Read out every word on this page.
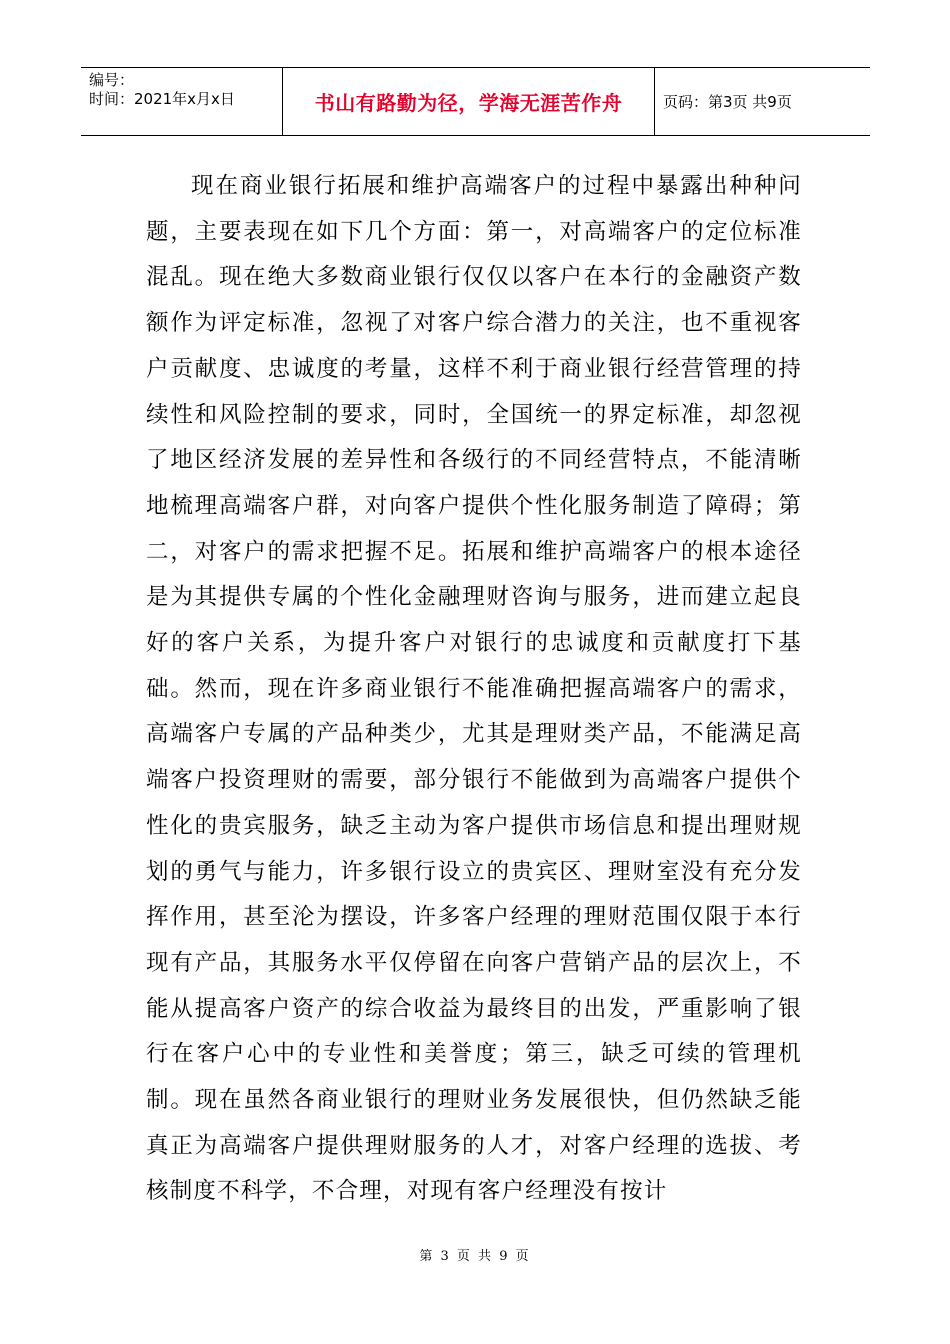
编号：
时间：2021年x月x日	书山有路勤为径，学海无涯苦作舟	页码：第3页 共9页

现在商业银行拓展和维护高端客户的过程中暴露出种种问题，主要表现在如下几个方面：第一，对高端客户的定位标准混乱。现在绝大多数商业银行仅仅以客户在本行的金融资产数额作为评定标准，忽视了对客户综合潜力的关注，也不重视客户贡献度、忠诚度的考量，这样不利于商业银行经营管理的持续性和风险控制的要求，同时，全国统一的界定标准，却忽视了地区经济发展的差异性和各级行的不同经营特点，不能清晰地梳理高端客户群，对向客户提供个性化服务制造了障碍；第二，对客户的需求把握不足。拓展和维护高端客户的根本途径是为其提供专属的个性化金融理财咨询与服务，进而建立起良好的客户关系，为提升客户对银行的忠诚度和贡献度打下基础。然而，现在许多商业银行不能准确把握高端客户的需求，高端客户专属的产品种类少，尤其是理财类产品，不能满足高端客户投资理财的需要，部分银行不能做到为高端客户提供个性化的贵宾服务，缺乏主动为客户提供市场信息和提出理财规划的勇气与能力，许多银行设立的贵宾区、理财室没有充分发挥作用，甚至沦为摆设，许多客户经理的理财范围仅限于本行现有产品，其服务水平仅停留在向客户营销产品的层次上，不能从提高客户资产的综合收益为最终目的出发，严重影响了银行在客户心中的专业性和美誉度；第三，缺乏可续的管理机制。现在虽然各商业银行的理财业务发展很快，但仍然缺乏能真正为高端客户提供理财服务的人才，对客户经理的选拔、考核制度不科学，不合理，对现有客户经理没有按计

第 3 页 共 9 页
